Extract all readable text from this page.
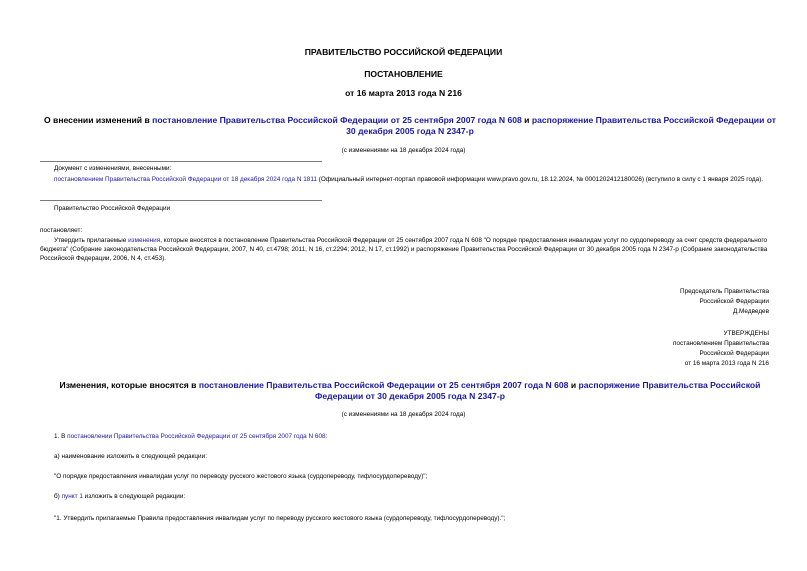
ПРАВИТЕЛЬСТВО РОССИЙСКОЙ ФЕДЕРАЦИИ
ПОСТАНОВЛЕНИЕ
от 16 марта 2013 года N 216
О внесении изменений в постановление Правительства Российской Федерации от 25 сентября 2007 года N 608 и распоряжение Правительства Российской Федерации от 30 декабря 2005 года N 2347-р
(с изменениями на 18 декабря 2024 года)
Документ с изменениями, внесенными:
постановлением Правительства Российской Федерации от 18 декабря 2024 года N 1811 (Официальный интернет-портал правовой информации www.pravo.gov.ru, 18.12.2024, № 0001202412180026) (вступило в силу с 1 января 2025 года).
Правительство Российской Федерации
постановляет:
Утвердить прилагаемые изменения, которые вносятся в постановление Правительства Российской Федерации от 25 сентября 2007 года N 608 "О порядке предоставления инвалидам услуг по сурдопереводу за счет средств федерального бюджета" (Собрание законодательства Российской Федерации, 2007, N 40, ст.4798; 2011, N 16, ст.2294; 2012, N 17, ст.1992) и распоряжение Правительства Российской Федерации от 30 декабря 2005 года N 2347-р (Собрание законодательства Российской Федерации, 2006, N 4, ст.453).
Председатель Правительства
Российской Федерации
Д.Медведев
УТВЕРЖДЕНЫ
постановлением Правительства
Российской Федерации
от 16 марта 2013 года N 216
Изменения, которые вносятся в постановление Правительства Российской Федерации от 25 сентября 2007 года N 608 и распоряжение Правительства Российской Федерации от 30 декабря 2005 года N 2347-р
(с изменениями на 18 декабря 2024 года)
1. В постановлении Правительства Российской Федерации от 25 сентября 2007 года N 608:
а) наименование изложить в следующей редакции:
"О порядке предоставления инвалидам услуг по переводу русского жестового языка (сурдопереводу, тифлосурдопереводу)";
б) пункт 1 изложить в следующей редакции:
"1. Утвердить прилагаемые Правила предоставления инвалидам услуг по переводу русского жестового языка (сурдопереводу, тифлосурдопереводу).";
